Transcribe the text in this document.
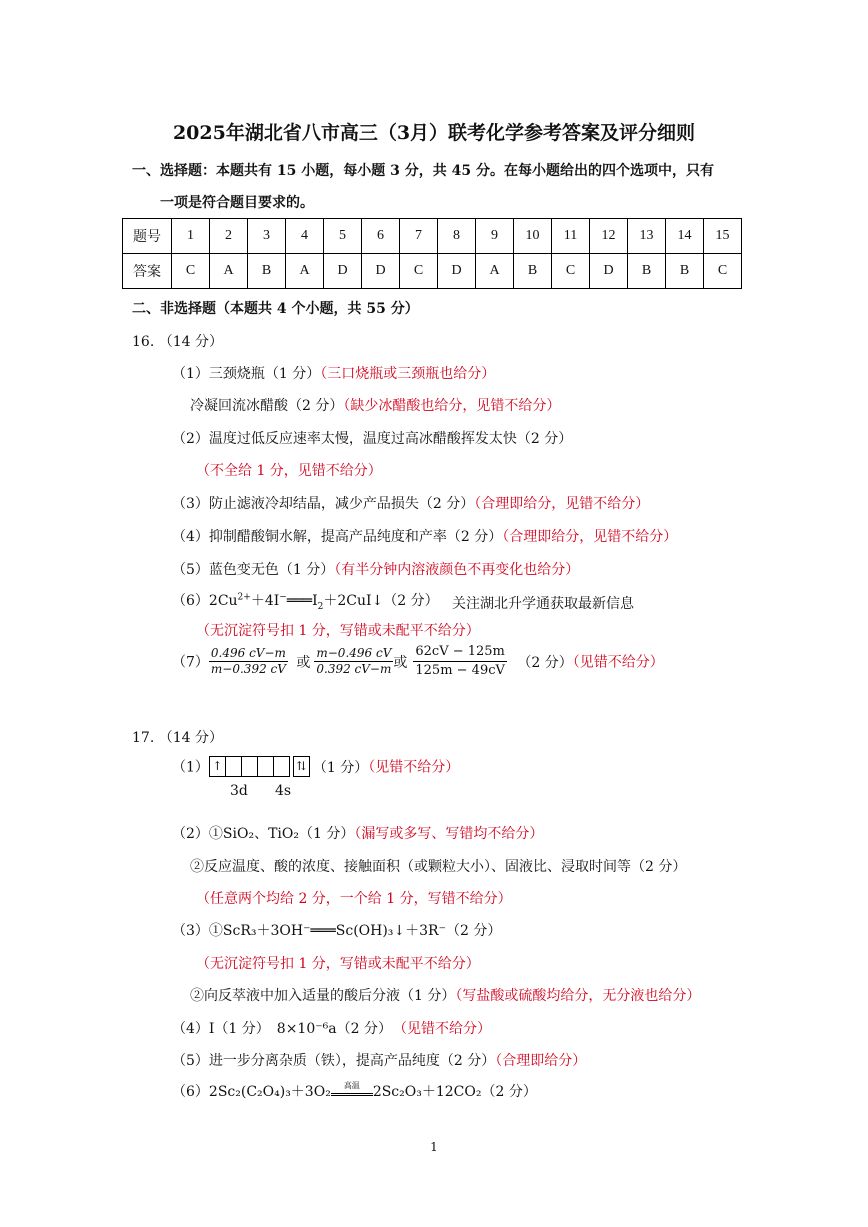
2025年湖北省八市高三（3月）联考化学参考答案及评分细则
一、选择题：本题共有 15 小题，每小题 3 分，共 45 分。在每小题给出的四个选项中，只有
一项是符合题目要求的。
题号	1	2	3	4	5	6	7	8	9	10	11	12	13	14	15
答案	C	A	B	A	D	D	C	D	A	B	C	D	B	B	C
二、非选择题（本题共 4 个小题，共 55 分）
16. （14 分）
（1）三颈烧瓶（1 分）（三口烧瓶或三颈瓶也给分）
冷凝回流冰醋酸（2 分）（缺少冰醋酸也给分，见错不给分）
（2）温度过低反应速率太慢，温度过高冰醋酸挥发太快（2 分）
（不全给 1 分，见错不给分）
（3）防止滤液冷却结晶，减少产品损失（2 分）（合理即给分，见错不给分）
（4）抑制醋酸铜水解，提高产品纯度和产率（2 分）（合理即给分，见错不给分）
（5）蓝色变无色（1 分）（有半分钟内溶液颜色不再变化也给分）
$(6)2Cu^{2+}+4I^-═══I_2+2CuI↓(2$ 分） 关注湖北升学通获取最新信息
（无沉淀符号扣 1 分，写错或未配平不给分）
$(7) \frac{0.496 cV-m}{m-0.392 cV}$ 或 $\frac{m-0.496 cV}{0.392 cV-m}$ 或 $\frac{62cV - 125m}{125m - 49cV} (2$ 分）（见错不给分）
17. （14 分）
（1） ↑	⇅ （1 分）（见错不给分）
3d 4s
（2）①SiO₂、TiO₂（1 分）（漏写或多写、写错均不给分）
②反应温度、酸的浓度、接触面积（或颗粒大小）、固液比、浸取时间等（2 分）
（任意两个均给 2 分，一个给 1 分，写错不给分）
（3）①ScR₃＋3OH⁻═══Sc(OH)₃↓＋3R⁻（2 分）
（无沉淀符号扣 1 分，写错或未配平不给分）
②向反萃液中加入适量的酸后分液（1 分）（写盐酸或硫酸均给分，无分液也给分）
（4）I（1 分）　8×10⁻⁶a（2 分） （见错不给分）
（5）进一步分离杂质（铁），提高产品纯度（2 分）（合理即给分）
（6）2Sc₂(C₂O₄)₃＋3O₂	高温 2Sc₂O₃＋12CO₂（2 分）
1
